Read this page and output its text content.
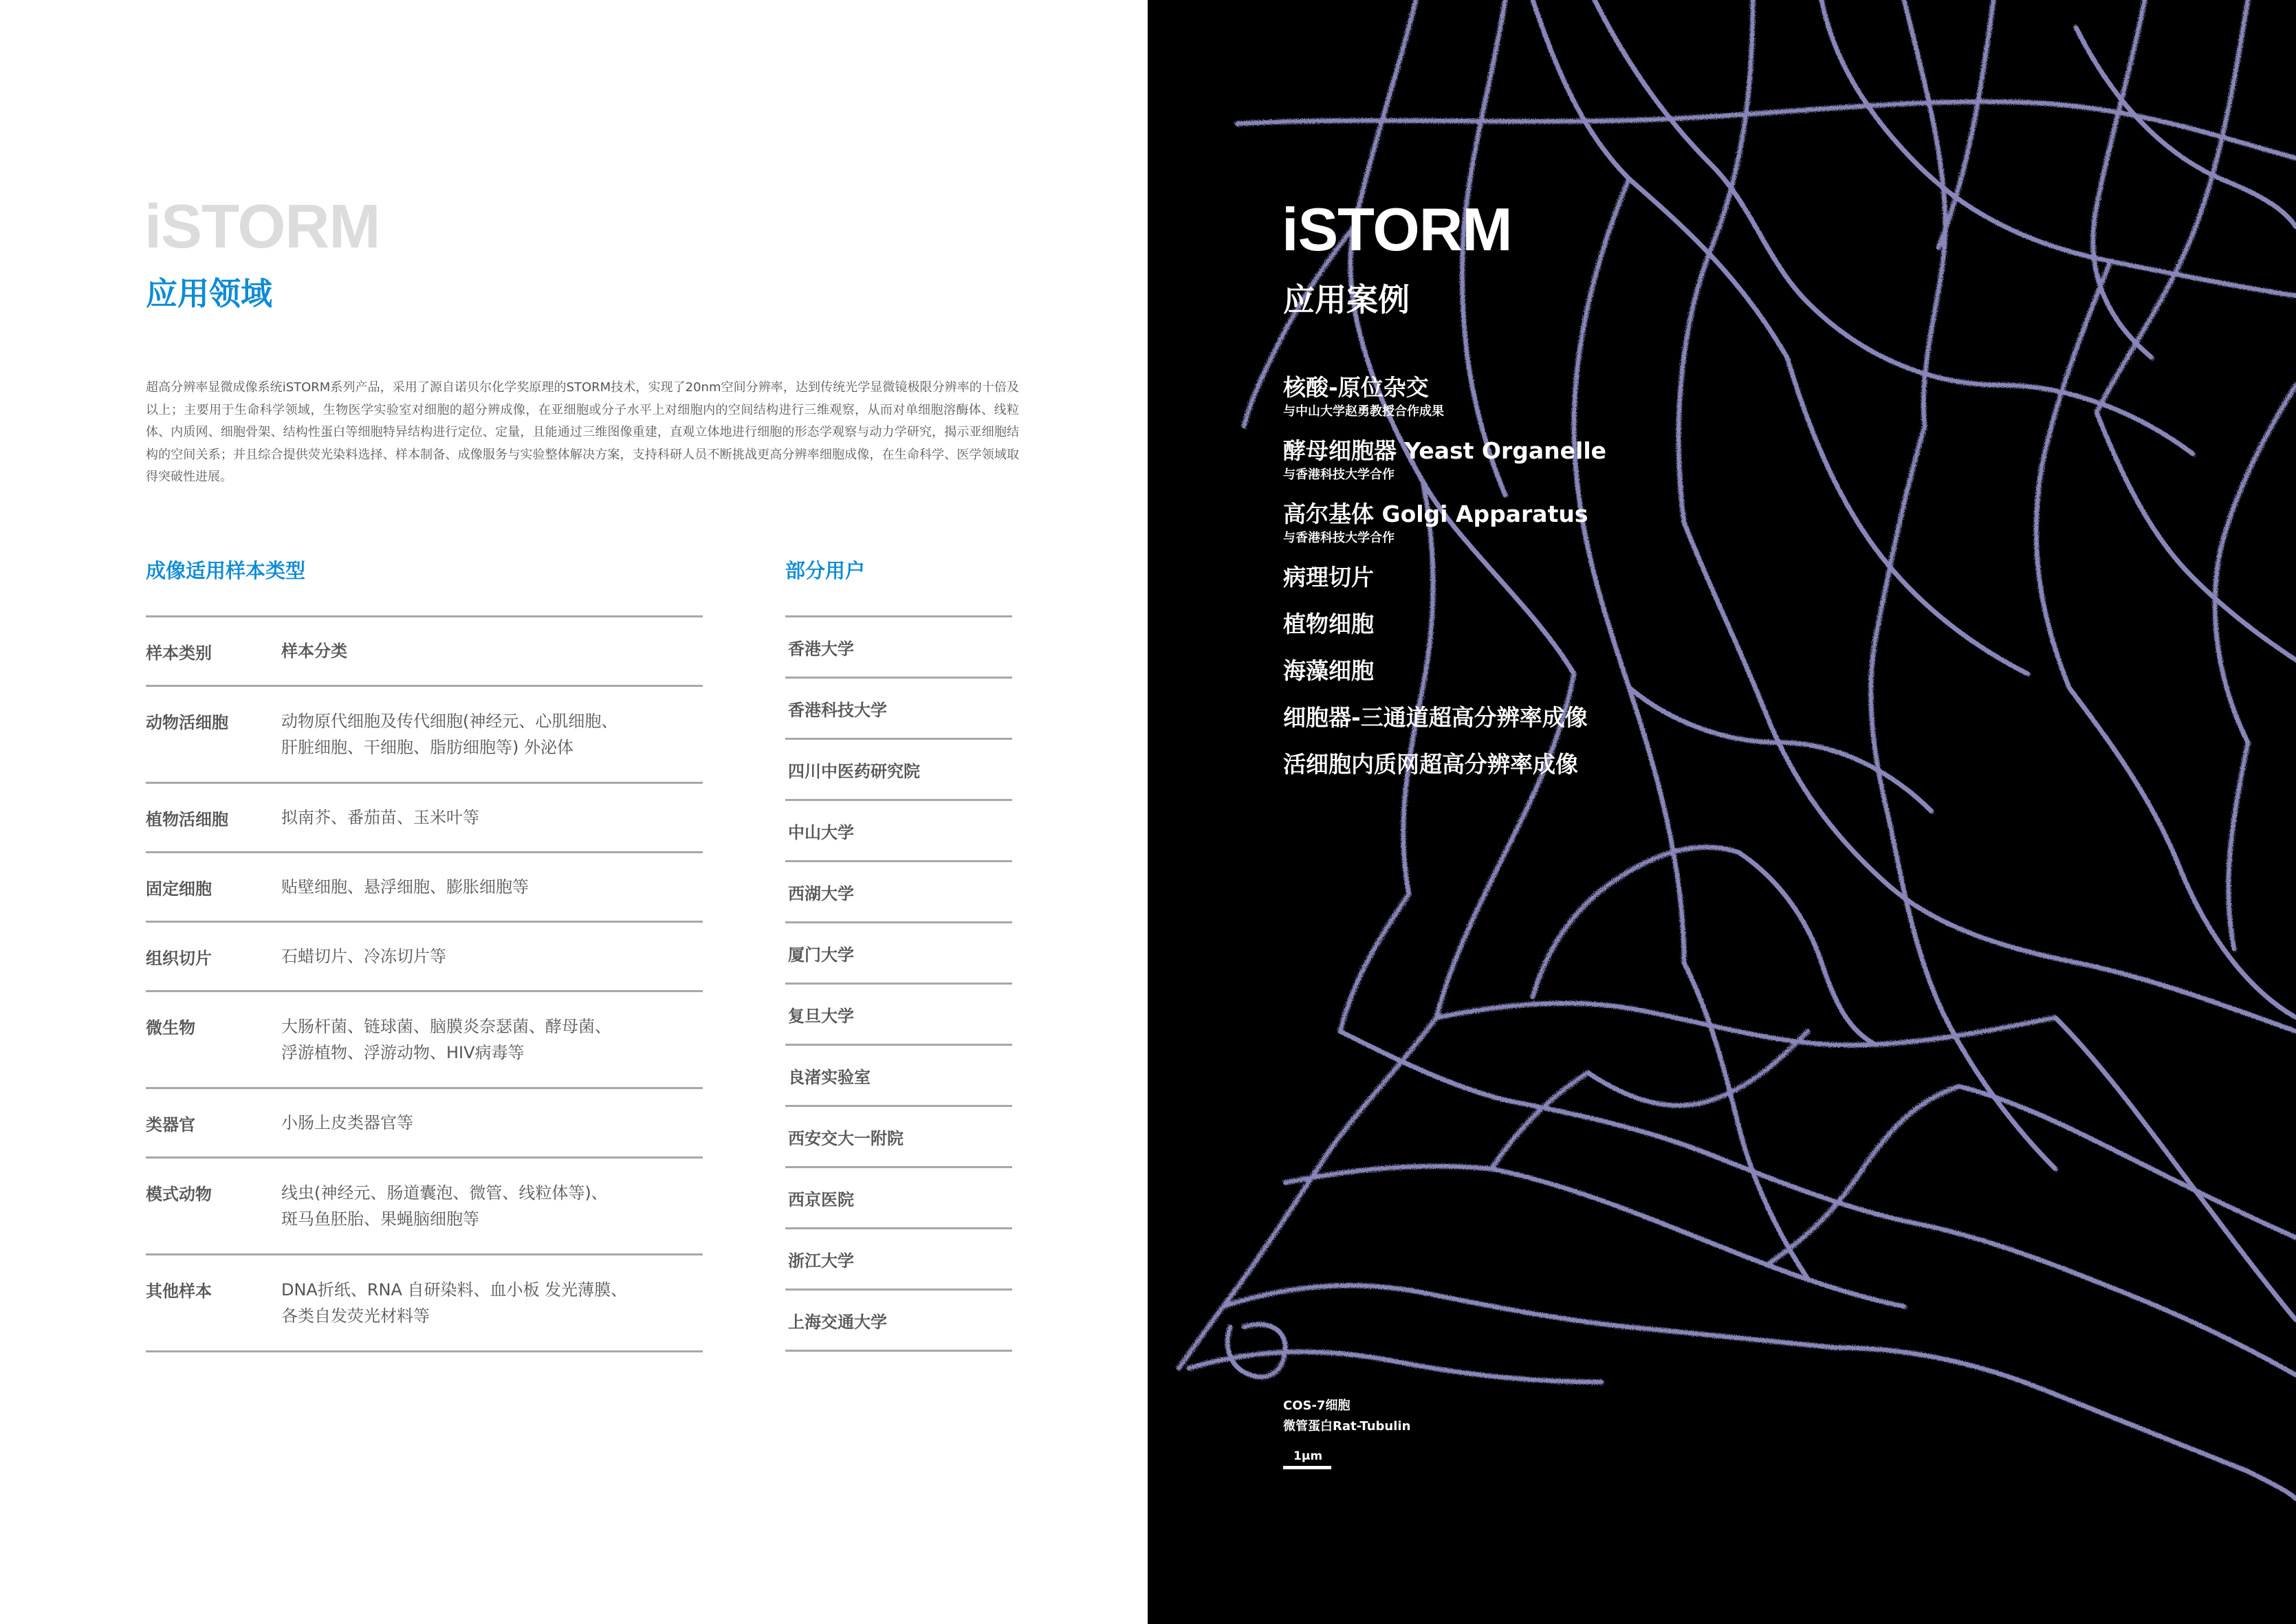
iSTORM
应用领域
超高分辨率显微成像系统iSTORM系列产品，采用了源自诺贝尔化学奖原理的STORM技术，实现了20nm空间分辨率，达到传统光学显微镜极限分辨率的十倍及以上；主要用于生命科学领域，生物医学实验室对细胞的超分辨成像，在亚细胞或分子水平上对细胞内的空间结构进行三维观察，从而对单细胞溶酶体、线粒体、内质网、细胞骨架、结构性蛋白等细胞特异结构进行定位、定量，且能通过三维图像重建，直观立体地进行细胞的形态学观察与动力学研究，揭示亚细胞结构的空间关系；并且综合提供荧光染料选择、样本制备、成像服务与实验整体解决方案，支持科研人员不断挑战更高分辨率细胞成像，在生命科学、医学领域取得突破性进展。
成像适用样本类型
样本类别	样本分类
动物活细胞	动物原代细胞及传代细胞(神经元、心肌细胞、
肝脏细胞、干细胞、脂肪细胞等) 外泌体
植物活细胞	拟南芥、番茄苗、玉米叶等
固定细胞	贴壁细胞、悬浮细胞、膨胀细胞等
组织切片	石蜡切片、冷冻切片等
微生物	大肠杆菌、链球菌、脑膜炎奈瑟菌、酵母菌、
浮游植物、浮游动物、HIV病毒等
类器官	小肠上皮类器官等
模式动物	线虫(神经元、肠道囊泡、微管、线粒体等)、
斑马鱼胚胎、果蝇脑细胞等
其他样本	DNA折纸、RNA 自研染料、血小板 发光薄膜、
各类自发荧光材料等
部分用户
香港大学
香港科技大学
四川中医药研究院
中山大学
西湖大学
厦门大学
复旦大学
良渚实验室
西安交大一附院
西京医院
浙江大学
上海交通大学
iSTORM
应用案例
核酸-原位杂交
与中山大学赵勇教授合作成果
酵母细胞器 Yeast Organelle
与香港科技大学合作
高尔基体 Golgi Apparatus
与香港科技大学合作
病理切片
植物细胞
海藻细胞
细胞器-三通道超高分辨率成像
活细胞内质网超高分辨率成像
COS-7细胞
微管蛋白Rat-Tubulin
1μm
